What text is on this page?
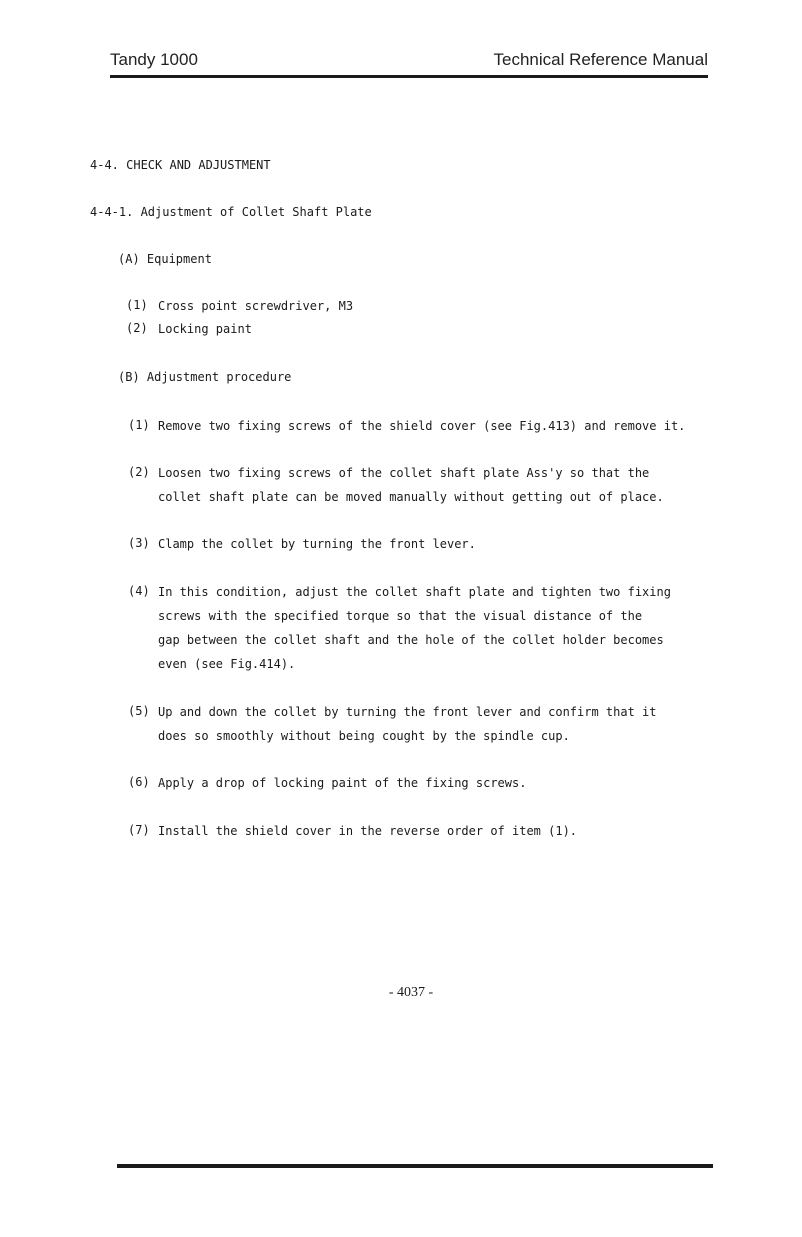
Tandy 1000	Technical Reference Manual
4-4. CHECK AND ADJUSTMENT
4-4-1. Adjustment of Collet Shaft Plate
(A) Equipment
(1) Cross point screwdriver, M3
(2) Locking paint
(B) Adjustment procedure
(1) Remove two fixing screws of the shield cover (see Fig.413) and remove it.
(2) Loosen two fixing screws of the collet shaft plate Ass'y so that the
collet shaft plate can be moved manually without getting out of place.
(3) Clamp the collet by turning the front lever.
(4) In this condition, adjust the collet shaft plate and tighten two fixing
screws with the specified torque so that the visual distance of the
gap between the collet shaft and the hole of the collet holder becomes
even (see Fig.414).
(5) Up and down the collet by turning the front lever and confirm that it
does so smoothly without being cought by the spindle cup.
(6) Apply a drop of locking paint of the fixing screws.
(7) Install the shield cover in the reverse order of item (1).
- 4037 -
